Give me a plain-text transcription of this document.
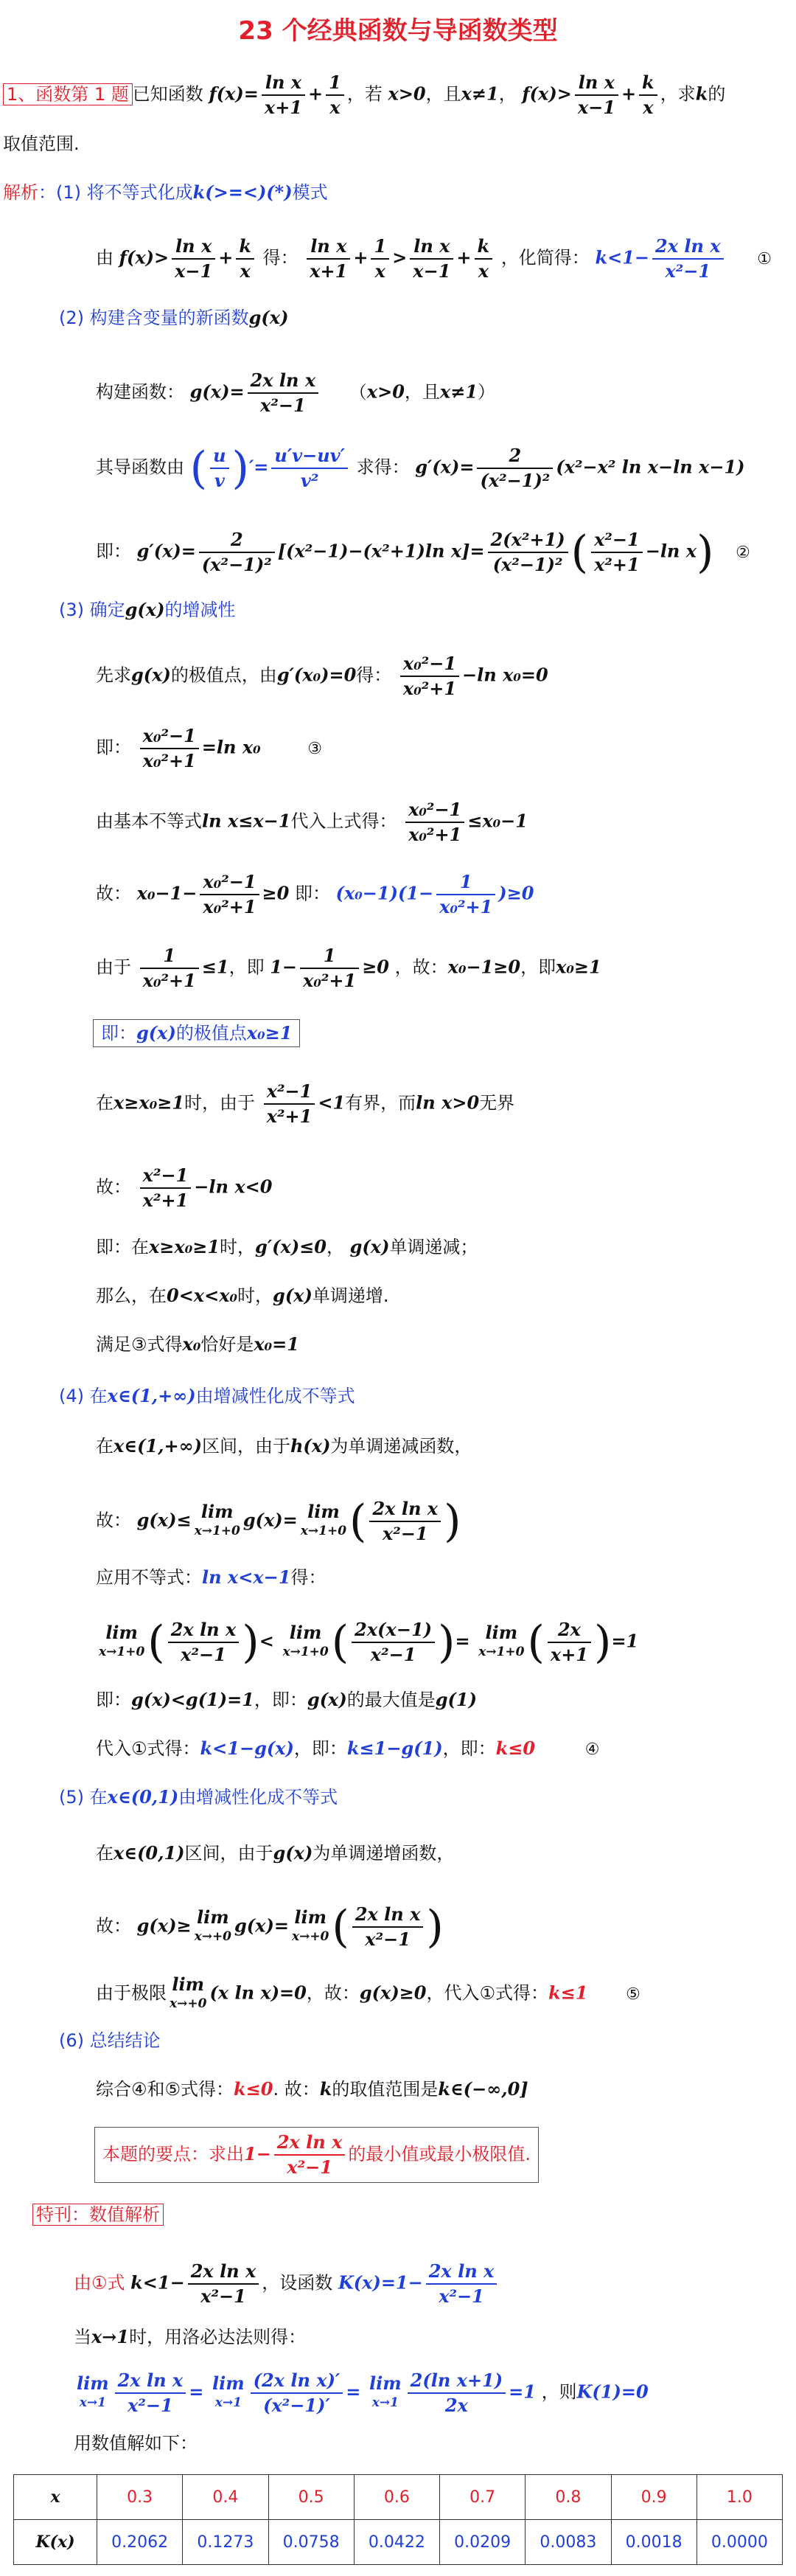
23 个经典函数与导函数类型
1、函数第 1 题 已知函数 $f(x)= \frac{\text{ln x}}{x+1} + \frac{1}{x}$ ，若 x>0，且x≠1， $f(x)> \frac{\text{ln x}}{x-1} + \frac{k}{x}$ ，求k的
取值范围.
解析：(1) 将不等式化成k(>=<)(*)模式
由 $f(x)> \frac{\text{ln x}}{x-1} + \frac{k}{x}$ 得： $\frac{\text{ln x}}{x+1} + \frac{1}{x} > \frac{\text{ln x}}{x-1} + \frac{k}{x}$ ，化简得： $k<1- \frac{\text{2x ln x}}{\text{x²−1}}$ ①
(2) 构建含变量的新函数g(x)
构建函数： $g(x)= \frac{\text{2x ln x}}{\text{x²−1}} (x>0$，且x≠1）
其导函数由 ( $\frac{u}{v}$ )′= $\frac{u'v-uv'}{\text{v²}}$ 求得： $g'(x)= \frac{2}{\text{(x²−1)²}} (x^2-x^2$ ln x−ln x−1)
即： $g'(x)= \frac{2}{\text{(x²−1)²}} [(x^2-1)-(x^2+1)\ln$ $x]= \frac{\text{2(x²+1)}}{\text{(x²−1)²}}$ ( $\frac{\text{x²−1}}{\text{x²+1}} -\ln$ x) ②
(3) 确定g(x)的增减性
先求g(x)的极值点，由g′(x₀)=0得： $\frac{\text{x₀²−1}}{\text{x₀²+1}} -\ln$ x₀=0
即： $\frac{\text{x₀²−1}}{\text{x₀²+1}} =\ln$ x₀	③
由基本不等式ln x≤x−1代入上式得： $\frac{\text{x₀²−1}}{\text{x₀²+1}} \le x_0-1$
故： $x_0-1- \frac{\text{x₀²−1}}{\text{x₀²+1}} \ge 0$ 即： $(x_0-1)(1- \frac{1}{\text{x₀²+1}} )\ge 0$
由于 $\frac{1}{\text{x₀²+1}} \le 1$，即 $1- \frac{1}{\text{x₀²+1}} \ge 0$ ，故：x₀−1≥0，即x₀≥1
即：g(x)的极值点x₀≥1
在x≥x₀≥1时，由于 $\frac{\text{x²−1}}{\text{x²+1}} <1$有界，而ln x>0无界
故： $\frac{\text{x²−1}}{\text{x²+1}} -\ln$ x<0
即：在x≥x₀≥1时，g′(x)≤0， g(x)单调递减；
那么，在0<x<x₀时，g(x)单调递增.
满足③式得x₀恰好是x₀=1
(4) 在x∈(1,+∞)由增减性化成不等式
在x∈(1,+∞)区间，由于h(x)为单调递减函数，
故： g(x)≤ lim
x→1+0
g(x)= lim
x→1+0 ( $\frac{\text{2x ln x}}{\text{x²−1}}$ )
应用不等式：ln x<x−1得：
lim
x→1+0 ( $\frac{\text{2x ln x}}{\text{x²−1}}$ )< lim
x→1+0 ( $\frac{2x(x-1)}{\text{x²−1}}$ )= lim
x→1+0 ( $\frac{2x}{x+1} )=1$
即：g(x)<g(1)=1，即：g(x)的最大值是g(1)
代入①式得：k<1−g(x)，即：k≤1−g(1)，即：k≤0	④
(5) 在x∈(0,1)由增减性化成不等式
在x∈(0,1)区间，由于g(x)为单调递增函数，
故： g(x)≥ lim
x→+0
g(x)= lim
x→+0 ( $\frac{\text{2x ln x}}{\text{x²−1}}$ )
由于极限 lim
x→+0
(x ln x)=0，故：g(x)≥0，代入①式得：k≤1 ⑤
(6) 总结结论
综合④和⑤式得：k≤0. 故：k的取值范围是k∈(−∞,0]
本题的要点：求出$1- \frac{\text{2x ln x}}{\text{x²−1}}$ 的最小值或最小极限值.
特刊：数值解析
由①式 $k<1- \frac{\text{2x ln x}}{\text{x²−1}}$ ，设函数 $K(x)=1- \frac{\text{2x ln x}}{\text{x²−1}}$
当x→1时，用洛必达法则得：
lim
$x\to 1 \frac{\text{2x ln x}}{\text{x²−1}} = \lim$
$x\to 1 \frac{\text{(2x ln x)′}}{\text{(x²−1)′}} = \lim$
$x\to 1 \frac{\text{2(ln x+1)}}{2x} =1$ ，则K(1)=0
用数值解如下：
x	0.3	0.4	0.5	0.6	0.7	0.8	0.9	1.0
K(x)	0.2062	0.1273	0.0758	0.0422	0.0209	0.0083	0.0018	0.0000
